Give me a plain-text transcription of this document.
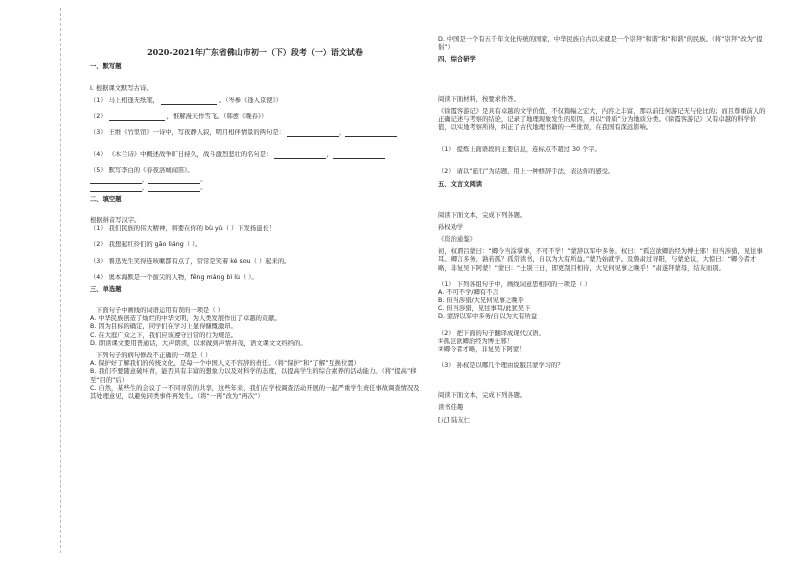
2020-2021年广东省佛山市初一（下）段考（一）语文试卷
一、默写题
I. 根据课文默写古诗。
（1） 马上相逢无纸笔，	。（岑参《逢入京使》）
（2）	，惟解漫天作雪飞。（韩愈《晚春》）
（3） 王维《竹里馆》一诗中，写夜静人寂，明月相伴情景的两句是：	，
（4） 《木兰诗》中概述战争旷日持久，战斗激烈悲壮的名句是：	，
（5） 默写李白的《春夜洛城闻笛》。
，	。
，	。
二、填空题
根据拼音写汉字。
（1） 我们民族的伟大精神，将要在你的 bù yù（ ）下发扬滋长！
（2） 我想起红伶们的 gāo liáng（ ）。
（3） 鲁迅先生笑得连咳嗽都有点了，常常是笑着 ké sou（ ）起来的。
（4） 奥本海默是一个拔尖的人物，fēng máng bì lù（ ）。
三、单选题
下面句子中画线的词语运用有误的一项是（ ）
A. 中华民族创造了灿烂的中华文明，为人类发展作出了卓越的贡献。
B. 因为目标的确定，同学们在学习上显得慷慨激昂。
C. 在大庭广众之下，我们应该遵守日常的行为规范。
D. 朗读课文要用普通话，大声朗读，以求做到声情并茂，语文课文文绉绉的。
下列句子的病句修改不正确的一项是（ ）
A. 保护好了解我们的传统文化，是每一个中国人义不容辞的责任。（将“保护”和“了解”互换位置）
B. 我们不要随意破坏青，能否具有丰富的想象力以及对科学的态度，以提高学生的综合素养的活动能力。（将“提高”移至“目的”后）
C. 自然，某些生的会议了一不同寻常的共享，这些年来，我们在学校调查活动开展的一起严重学生责任事故调查情况及其处理意见，以避免同类事件再发生。（将“一再”改为“再次”）
D. 中国是一个有五千年文化传统的国家，中华民族自古以来就是一个崇拜“和谐”和“和谐”的民族。（将“崇拜”改为“提倡”）
四、综合研学
阅读下面材料，按要求作答。
《徐霞客游记》是具有卓越的文学价值，不仅篇幅之宏大，内容之丰富，那以前任何游记无与伦比的；而且尊重前人的正确记述与考察的结论，记录了地理现象发生的原因，并以“骨质”分为地质分类。《徐霞客游记》又有卓越的科学价值，以实地考察所得，纠正了古代地理书籍的一些讹误，在我国有深远影响。
（1） 提炼上面语段的主要信息，连标点不超过 30 个字。
（2） 请以“旅行”为话题，用上一种修辞手法，表达你的感受。
五、文言文阅读
阅读下面文本，完成下列各题。
孙权劝学
《资治通鉴》
初，权谓吕蒙曰：“卿今当涂掌事，不可不学！”蒙辞以军中多务。权曰：“孤岂欲卿治经为博士邪！但当涉猎，见往事耳。卿言多务，孰若孤？孤常读书，自以为大有所益。”蒙乃始就学。及鲁肃过寻阳，与蒙论议，大惊曰：“卿今者才略，非复吴下阿蒙！”蒙曰：“士别三日，即更刮目相待，大兄何见事之晚乎！”肃遂拜蒙母，结友而别。
（1） 下列各组句子中，画线词意思相同的一项是（ ）
A. 不可不学/卿有不言
B. 但当涉猎/大兄何见事之晚乎
C. 但当涉猎，见往事耳/此犹吴下
D. 蒙辞以军中多务/自以为大有所益
（2） 把下面的句子翻译成现代汉语。
①孤岂欲卿治经为博士邪！
②卿今者才略，非复吴下阿蒙！
（3） 孙权是以哪几个理由说服吕蒙学习的？
阅读下面文本，完成下列各题。
读书佳趣
[元] 陆友仁
